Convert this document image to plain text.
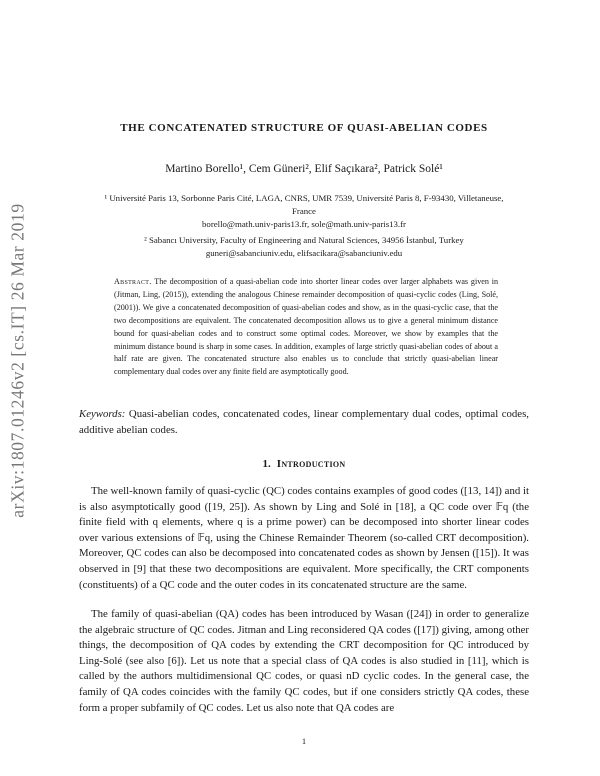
arXiv:1807.01246v2 [cs.IT] 26 Mar 2019
THE CONCATENATED STRUCTURE OF QUASI-ABELIAN CODES
Martino Borello¹, Cem Güneri², Elif Saçıkara², Patrick Solé¹
¹ Université Paris 13, Sorbonne Paris Cité, LAGA, CNRS, UMR 7539, Université Paris 8, F-93430, Villetaneuse, France
borello@math.univ-paris13.fr, sole@math.univ-paris13.fr
² Sabancı University, Faculty of Engineering and Natural Sciences, 34956 İstanbul, Turkey
guneri@sabanciuniv.edu, elifsacikara@sabanciuniv.edu

Abstract. The decomposition of a quasi-abelian code into shorter linear codes over larger alphabets was given in (Jitman, Ling, (2015)), extending the analogous Chinese remainder decomposition of quasi-cyclic codes (Ling, Solé, (2001)). We give a concatenated decomposition of quasi-abelian codes and show, as in the quasi-cyclic case, that the two decompositions are equivalent. The concatenated decomposition allows us to give a general minimum distance bound for quasi-abelian codes and to construct some optimal codes. Moreover, we show by examples that the minimum distance bound is sharp in some cases. In addition, examples of large strictly quasi-abelian codes of about a half rate are given. The concatenated structure also enables us to conclude that strictly quasi-abelian linear complementary dual codes over any finite field are asymptotically good.

Keywords: Quasi-abelian codes, concatenated codes, linear complementary dual codes, optimal codes, additive abelian codes.

1. Introduction

The well-known family of quasi-cyclic (QC) codes contains examples of good codes ([13, 14]) and it is also asymptotically good ([19, 25]). As shown by Ling and Solé in [18], a QC code over 𝔽q (the finite field with q elements, where q is a prime power) can be decomposed into shorter linear codes over various extensions of 𝔽q, using the Chinese Remainder Theorem (so-called CRT decomposition). Moreover, QC codes can also be decomposed into concatenated codes as shown by Jensen ([15]). It was observed in [9] that these two decompositions are equivalent. More specifically, the CRT components (constituents) of a QC code and the outer codes in its concatenated structure are the same.

The family of quasi-abelian (QA) codes has been introduced by Wasan ([24]) in order to generalize the algebraic structure of QC codes. Jitman and Ling reconsidered QA codes ([17]) giving, among other things, the decomposition of QA codes by extending the CRT decomposition for QC introduced by Ling-Solé (see also [6]). Let us note that a special class of QA codes is also studied in [11], which is called by the authors multidimensional QC codes, or quasi nD cyclic codes. In the general case, the family of QA codes coincides with the family QC codes, but if one considers strictly QA codes, these form a proper subfamily of QC codes. Let us also note that QA codes are

1
